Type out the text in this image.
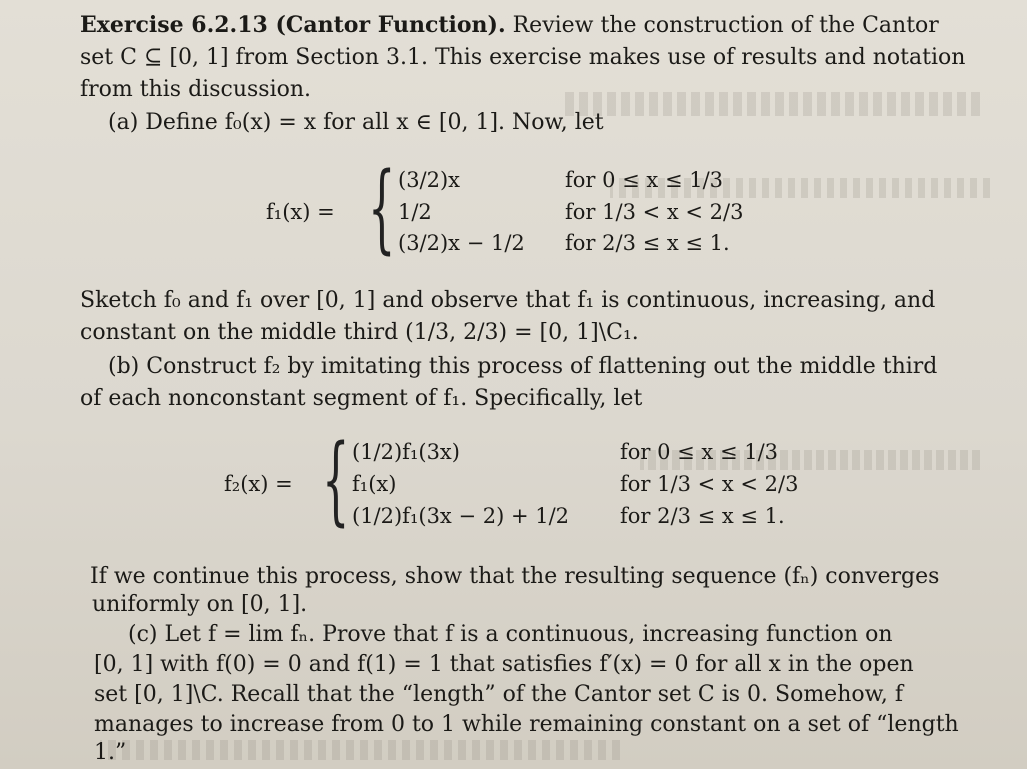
Exercise 6.2.13 (Cantor Function). Review the construction of the Cantor
set C ⊆ [0, 1] from Section 3.1. This exercise makes use of results and notation
from this discussion.
(a) Define f₀(x) = x for all x ∈ [0, 1]. Now, let
f₁(x) = { (3/2)x	for 0 ≤ x ≤ 1/3
1/2	for 1/3 < x < 2/3
(3/2)x − 1/2 for 2/3 ≤ x ≤ 1.
Sketch f₀ and f₁ over [0, 1] and observe that f₁ is continuous, increasing, and
constant on the middle third (1/3, 2/3) = [0, 1]\C₁.
(b) Construct f₂ by imitating this process of flattening out the middle third
of each nonconstant segment of f₁. Specifically, let
f₂(x) = { (1/2)f₁(3x)	for 0 ≤ x ≤ 1/3
f₁(x)	for 1/3 < x < 2/3
(1/2)f₁(3x − 2) + 1/2 for 2/3 ≤ x ≤ 1.
If we continue this process, show that the resulting sequence (fₙ) converges
uniformly on [0, 1].
(c) Let f = lim fₙ. Prove that f is a continuous, increasing function on
[0, 1] with f(0) = 0 and f(1) = 1 that satisfies f′(x) = 0 for all x in the open
set [0, 1]\C. Recall that the “length” of the Cantor set C is 0. Somehow, f
manages to increase from 0 to 1 while remaining constant on a set of “length
1.”
